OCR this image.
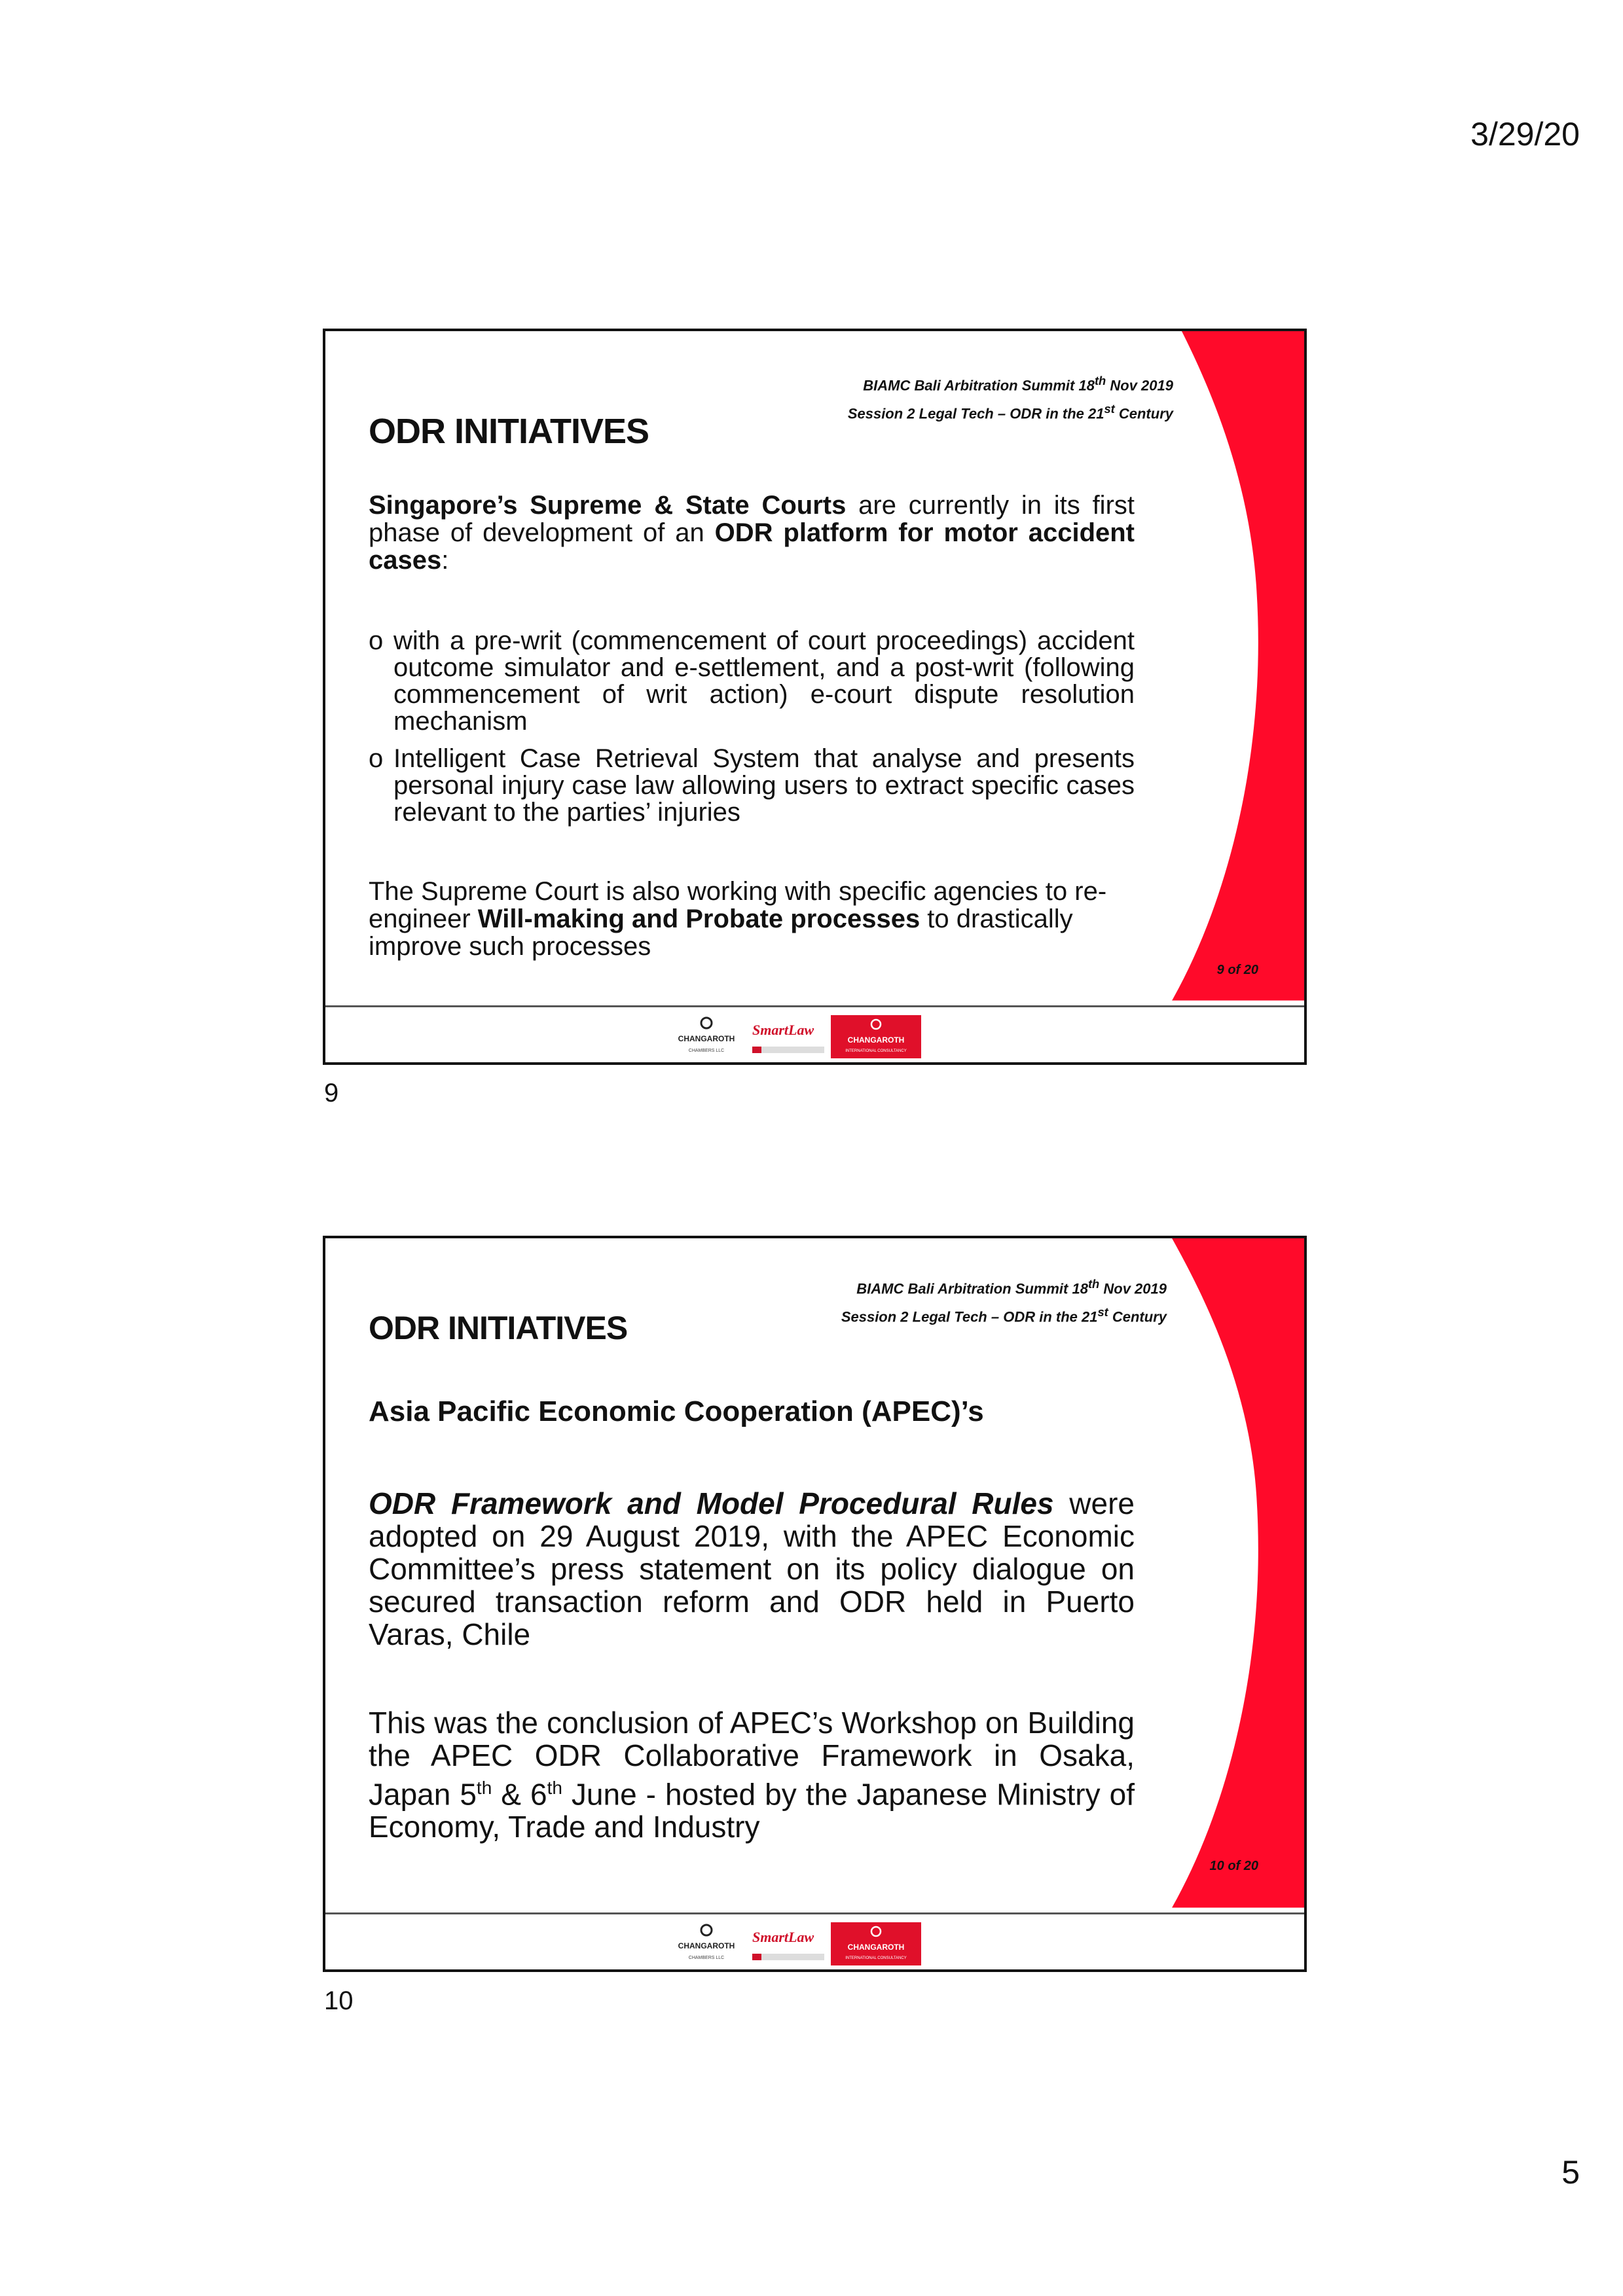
3/29/20
BIAMC Bali Arbitration Summit 18th Nov 2019
Session 2 Legal Tech – ODR in the 21st Century
ODR INITIATIVES
Singapore’s Supreme & State Courts are currently in its first phase of development of an ODR platform for motor accident cases:
o with a pre-writ (commencement of court proceedings) accident outcome simulator and e-settlement, and a post-writ (following commencement of writ action) e-court dispute resolution mechanism
o Intelligent Case Retrieval System that analyse and presents personal injury case law allowing users to extract specific cases relevant to the parties’ injuries
The Supreme Court is also working with specific agencies to re-engineer Will-making and Probate processes to drastically improve such processes
9 of 20
CHANGAROTH
CHAMBERS LLC
SmartLaw
CHANGAROTH
INTERNATIONAL CONSULTANCY
9
BIAMC Bali Arbitration Summit 18th Nov 2019
Session 2 Legal Tech – ODR in the 21st Century
ODR INITIATIVES
Asia Pacific Economic Cooperation (APEC)’s
ODR Framework and Model Procedural Rules were adopted on 29 August 2019, with the APEC Economic Committee’s press statement on its policy dialogue on secured transaction reform and ODR held in Puerto Varas, Chile
This was the conclusion of APEC’s Workshop on Building the APEC ODR Collaborative Framework in Osaka, Japan 5th & 6th June - hosted by the Japanese Ministry of Economy, Trade and Industry
10 of 20
CHANGAROTH
CHAMBERS LLC
SmartLaw
CHANGAROTH
INTERNATIONAL CONSULTANCY
10
5
